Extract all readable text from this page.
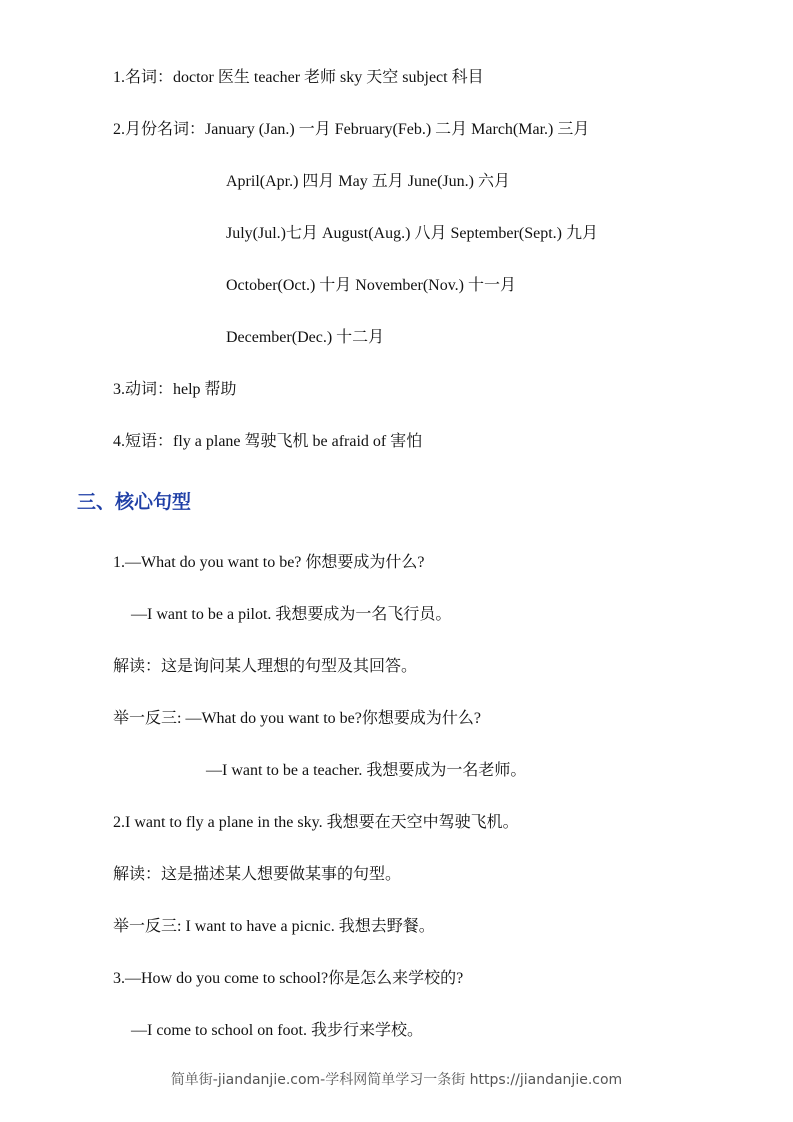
1.名词：doctor 医生 teacher 老师 sky 天空 subject 科目
2.月份名词：January (Jan.) 一月 February(Feb.) 二月 March(Mar.) 三月
April(Apr.) 四月 May 五月 June(Jun.) 六月
July(Jul.)七月 August(Aug.) 八月 September(Sept.) 九月
October(Oct.) 十月 November(Nov.) 十一月
December(Dec.) 十二月
3.动词：help 帮助
4.短语：fly a plane 驾驶飞机 be afraid of 害怕
三、核心句型
1.—What do you want to be? 你想要成为什么?
—I want to be a pilot. 我想要成为一名飞行员。
解读：这是询问某人理想的句型及其回答。
举一反三: —What do you want to be?你想要成为什么?
—I want to be a teacher. 我想要成为一名老师。
2.I want to fly a plane in the sky. 我想要在天空中驾驶飞机。
解读：这是描述某人想要做某事的句型。
举一反三: I want to have a picnic. 我想去野餐。
3.—How do you come to school?你是怎么来学校的?
—I come to school on foot. 我步行来学校。
简单街-jiandanjie.com-学科网简单学习一条街 https://jiandanjie.com
